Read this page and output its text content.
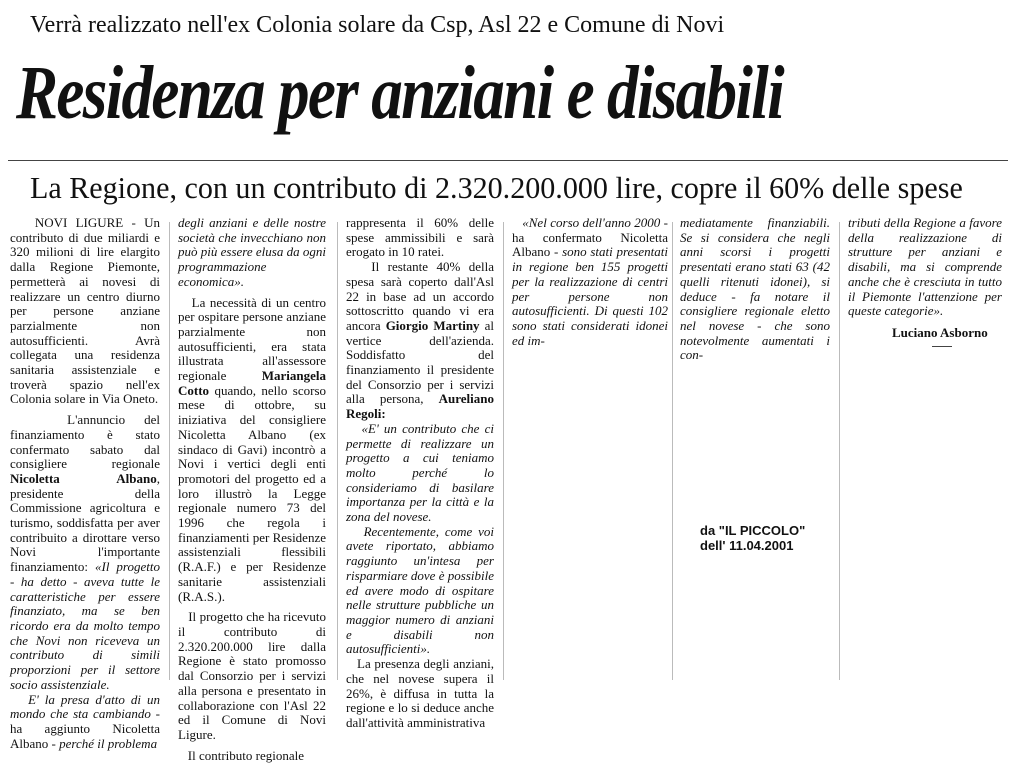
Verrà realizzato nell'ex Colonia solare da Csp, Asl 22 e Comune di Novi
Residenza per anziani e disabili
La Regione, con un contributo di 2.320.200.000 lire, copre il 60% delle spese

NOVI LIGURE - Un contributo di due miliardi e 320 milioni di lire elargito dalla Regione Piemonte, permetterà ai novesi di realizzare un centro diurno per persone anziane parzialmente non autosufficienti. Avrà collegata una residenza sanitaria assistenziale e troverà spazio nell'ex Colonia solare in Via Oneto.

L'annuncio del finanziamento è stato confermato sabato dal consigliere regionale Nicoletta Albano, presidente della Commissione agricoltura e turismo, soddisfatta per aver contribuito a dirottare verso Novi l'importante finanziamento: «Il progetto - ha detto - aveva tutte le caratteristiche per essere finanziato, ma se ben ricordo era da molto tempo che Novi non riceveva un contributo di simili proporzioni per il settore socio assistenziale.

E' la presa d'atto di un mondo che sta cambiando - ha aggiunto Nicoletta Albano - perché il problema

degli anziani e delle nostre società che invecchiano non può più essere elusa da ogni programmazione economica».

La necessità di un centro per ospitare persone anziane parzialmente non autosufficienti, era stata illustrata all'assessore regionale Mariangela Cotto quando, nello scorso mese di ottobre, su iniziativa del consigliere Nicoletta Albano (ex sindaco di Gavi) incontrò a Novi i vertici degli enti promotori del progetto ed a loro illustrò la Legge regionale numero 73 del 1996 che regola i finanziamenti per Residenze assistenziali flessibili (R.A.F.) e per Residenze sanitarie assistenziali (R.A.S.).

Il progetto che ha ricevuto il contributo di 2.320.200.000 lire dalla Regione è stato promosso dal Consorzio per i servizi alla persona e presentato in collaborazione con l'Asl 22 ed il Comune di Novi Ligure.

Il contributo regionale

rappresenta il 60% delle spese ammissibili e sarà erogato in 10 ratei.

Il restante 40% della spesa sarà coperto dall'Asl 22 in base ad un accordo sottoscritto quando vi era ancora Giorgio Martiny al vertice dell'azienda. Soddisfatto del finanziamento il presidente del Consorzio per i servizi alla persona, Aureliano Regoli:

«E' un contributo che ci permette di realizzare un progetto a cui teniamo molto perché lo consideriamo di basilare importanza per la città e la zona del novese.

Recentemente, come voi avete riportato, abbiamo raggiunto un'intesa per risparmiare dove è possibile ed avere modo di ospitare nelle strutture pubbliche un maggior numero di anziani e disabili non autosufficienti».

La presenza degli anziani, che nel novese supera il 26%, è diffusa in tutta la regione e lo si deduce anche dall'attività amministrativa

«Nel corso dell'anno 2000 - ha confermato Nicoletta Albano - sono stati presentati in regione ben 155 progetti per la realizzazione di centri per persone non autosufficienti. Di questi 102 sono stati considerati idonei ed im-

mediatamente finanziabili. Se si considera che negli anni scorsi i progetti presentati erano stati 63 (42 quelli ritenuti idonei), si deduce - fa notare il consigliere regionale eletto nel novese - che sono notevolmente aumentati i con-

tributi della Regione a favore della realizzazione di strutture per anziani e disabili, ma si comprende anche che è cresciuta in tutto il Piemonte l'attenzione per queste categorie».

Luciano Asborno
da "IL PICCOLO"
dell' 11.04.2001
